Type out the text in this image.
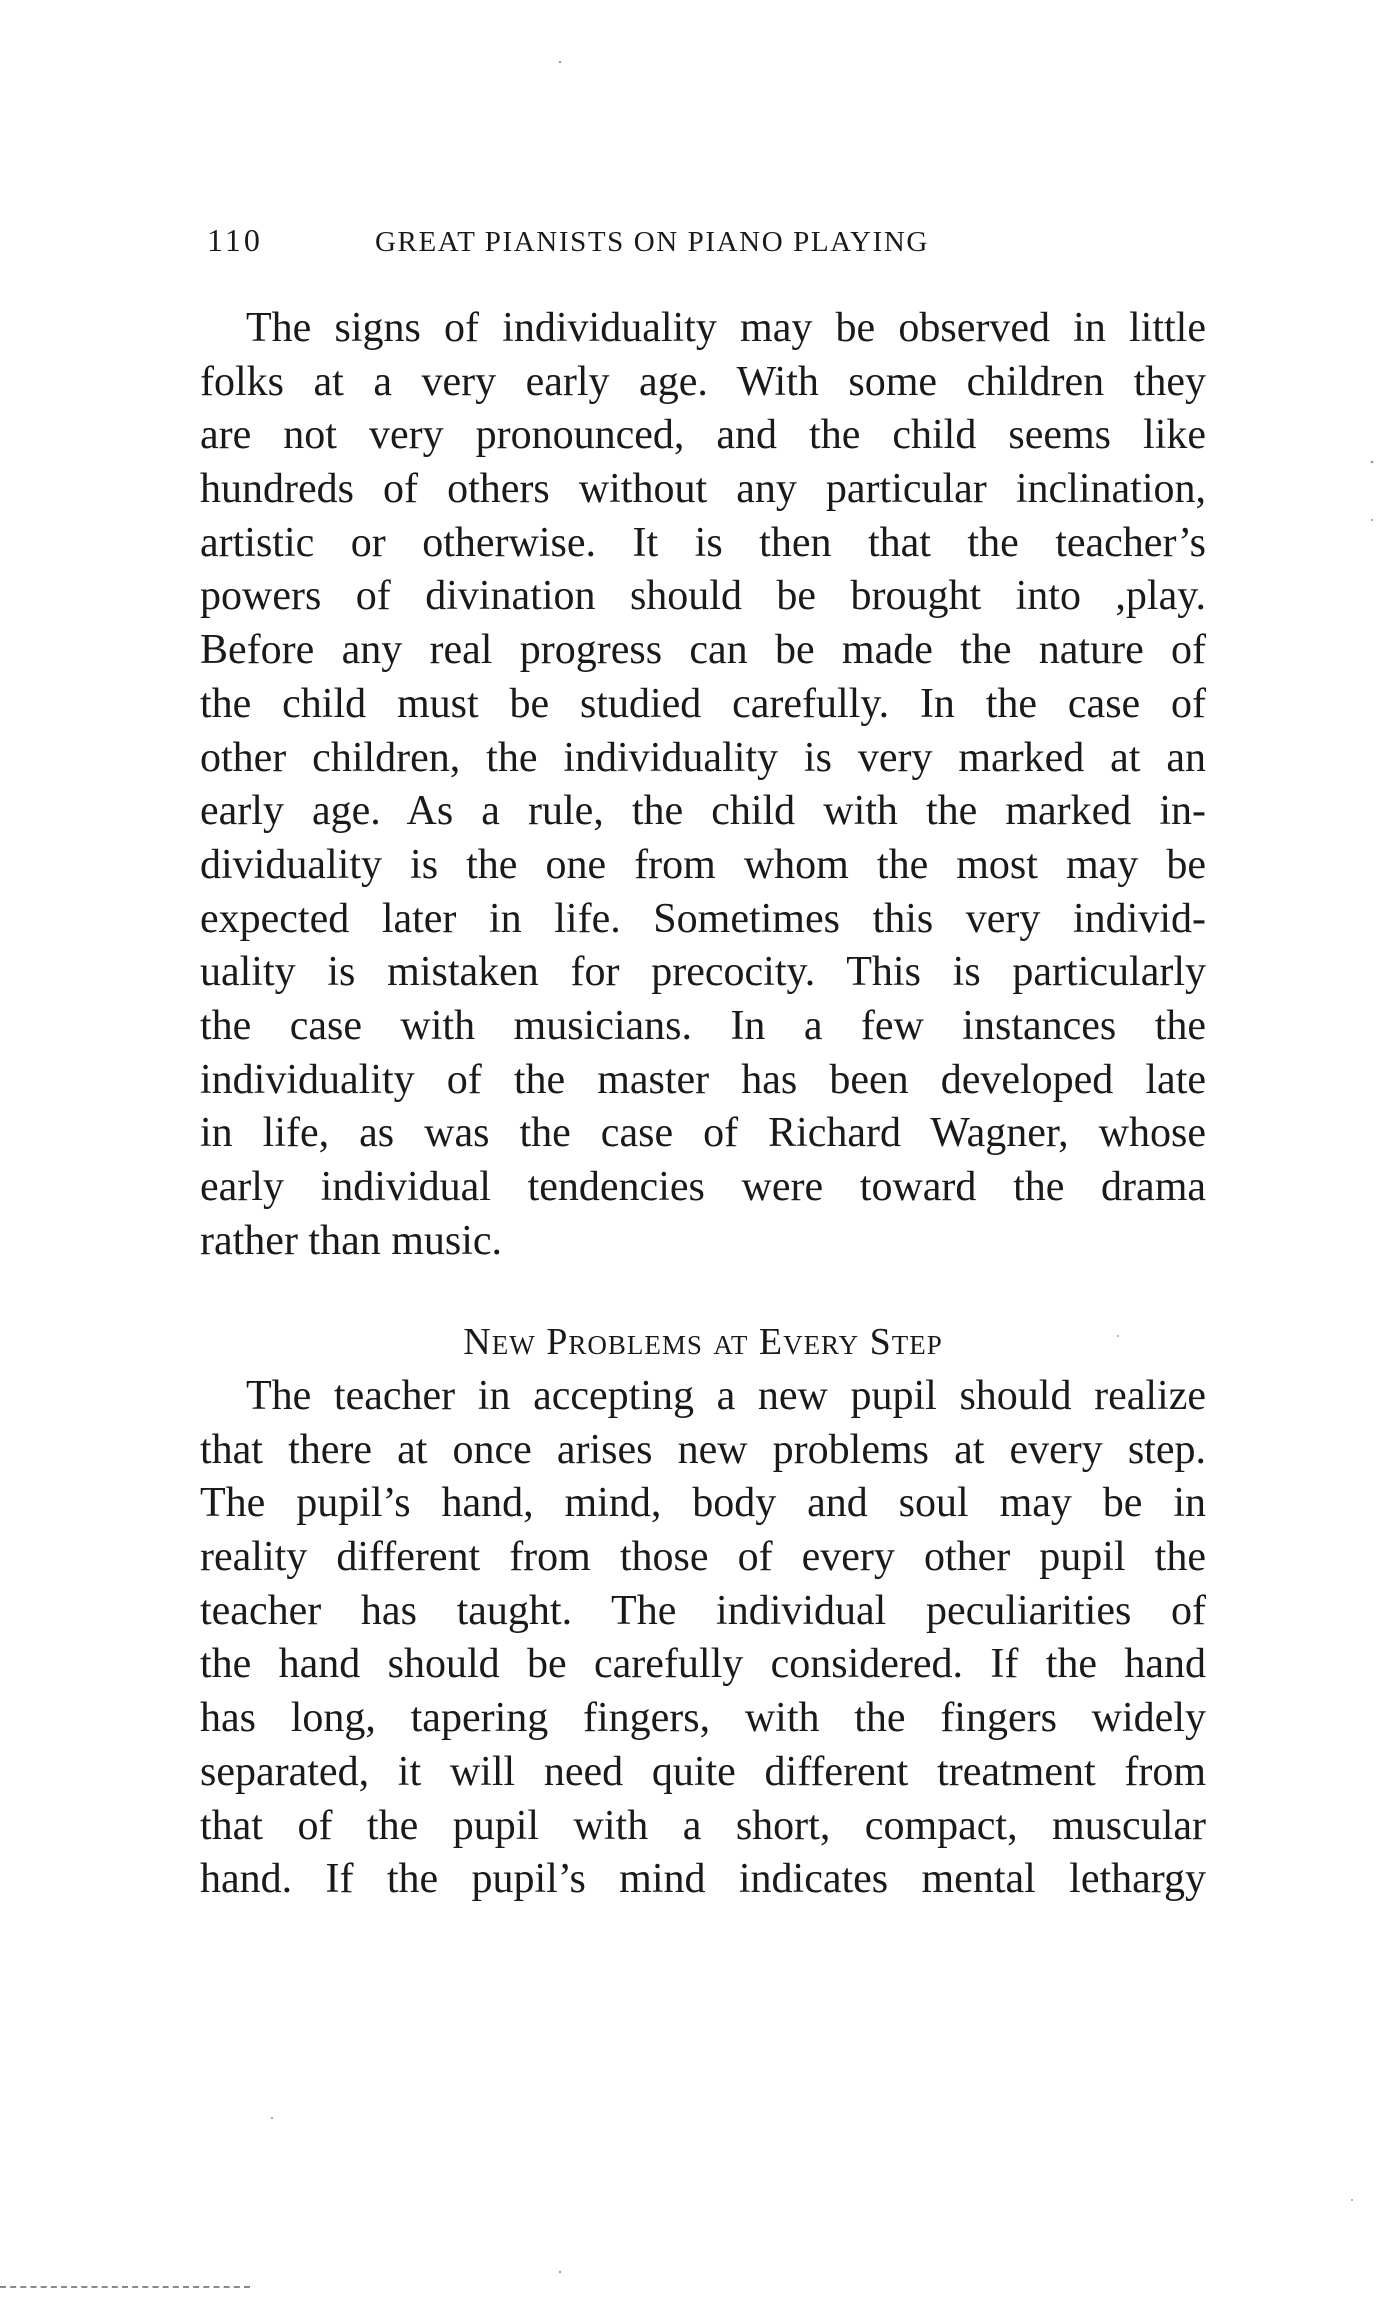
110	GREAT PIANISTS ON PIANO PLAYING
The signs of individuality may be observed in little
folks at a very early age. With some children they
are not very pronounced, and the child seems like
hundreds of others without any particular inclination,
artistic or otherwise. It is then that the teacher’s
powers of divination should be brought into ,play.
Before any real progress can be made the nature of
the child must be studied carefully. In the case of
other children, the individuality is very marked at an
early age. As a rule, the child with the marked in-
dividuality is the one from whom the most may be
expected later in life. Sometimes this very individ-
uality is mistaken for precocity. This is particularly
the case with musicians. In a few instances the
individuality of the master has been developed late
in life, as was the case of Richard Wagner, whose
early individual tendencies were toward the drama
rather than music.
New Problems at Every Step
The teacher in accepting a new pupil should realize
that there at once arises new problems at every step.
The pupil’s hand, mind, body and soul may be in
reality different from those of every other pupil the
teacher has taught. The individual peculiarities of
the hand should be carefully considered. If the hand
has long, tapering fingers, with the fingers widely
separated, it will need quite different treatment from
that of the pupil with a short, compact, muscular
hand. If the pupil’s mind indicates mental lethargy
